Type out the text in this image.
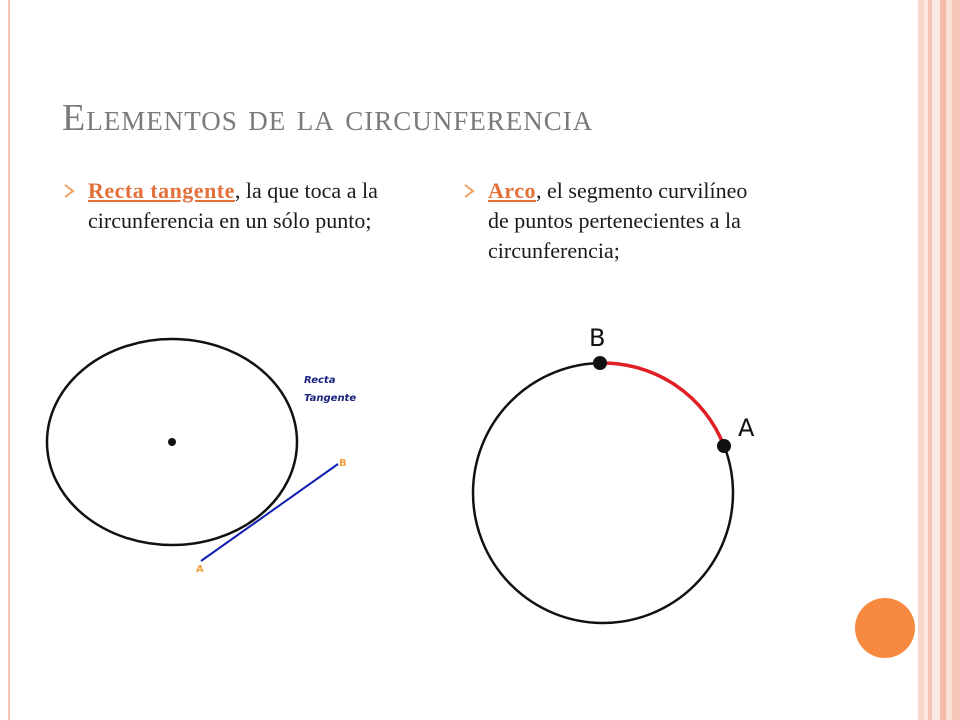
Elementos de la circunferencia
Recta tangente, la que toca a la circunferencia en un sólo punto;
Arco, el segmento curvilíneo de puntos pertenecientes a la circunferencia;
Recta
Tangente
B
A
B
A
